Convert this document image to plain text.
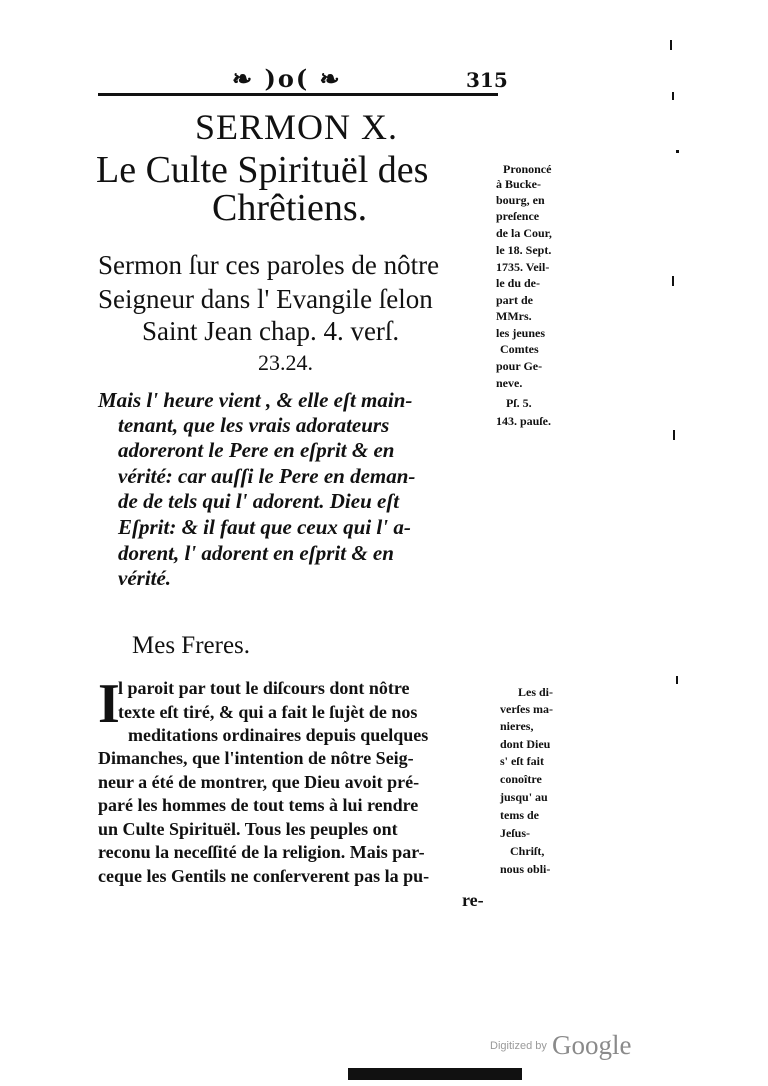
❧ )o( ❧	315
SERMON X.
Le Culte Spirituël des
Chrêtiens.
Sermon ſur ces paroles de nôtre
Seigneur dans l' Evangile ſelon
Saint Jean chap. 4. verſ.
23.24.
Mais l' heure vient , & elle eſt main-
tenant, que les vrais adorateurs
adoreront le Pere en eſprit & en
vérité: car auſſi le Pere en deman-
de de tels qui l' adorent. Dieu eſt
Eſprit: & il faut que ceux qui l' a-
dorent, l' adorent en eſprit & en
vérité.
Prononcé
à Bucke-
bourg, en
preſence
de la Cour,
le 18. Sept.
1735. Veil-
le du de-
part de
MMrs.
les jeunes
Comtes
pour Ge-
neve.
Pſ. 5.
143. pauſe.
Mes Freres.
I
l paroit par tout le diſcours dont nôtre
texte eſt tiré, & qui a fait le ſujèt de nos
meditations ordinaires depuis quelques
Dimanches, que l'intention de nôtre Seig-
neur a été de montrer, que Dieu avoit pré-
paré les hommes de tout tems à lui rendre
un Culte Spirituël. Tous les peuples ont
reconu la neceſſité de la religion. Mais par-
ceque les Gentils ne conſerverent pas la pu-
re-
Les di-
verſes ma-
nieres,
dont Dieu
s' eſt fait
conoître
jusqu' au
tems de
Jeſus-
Chriſt,
nous obli-
Digitized by Google
